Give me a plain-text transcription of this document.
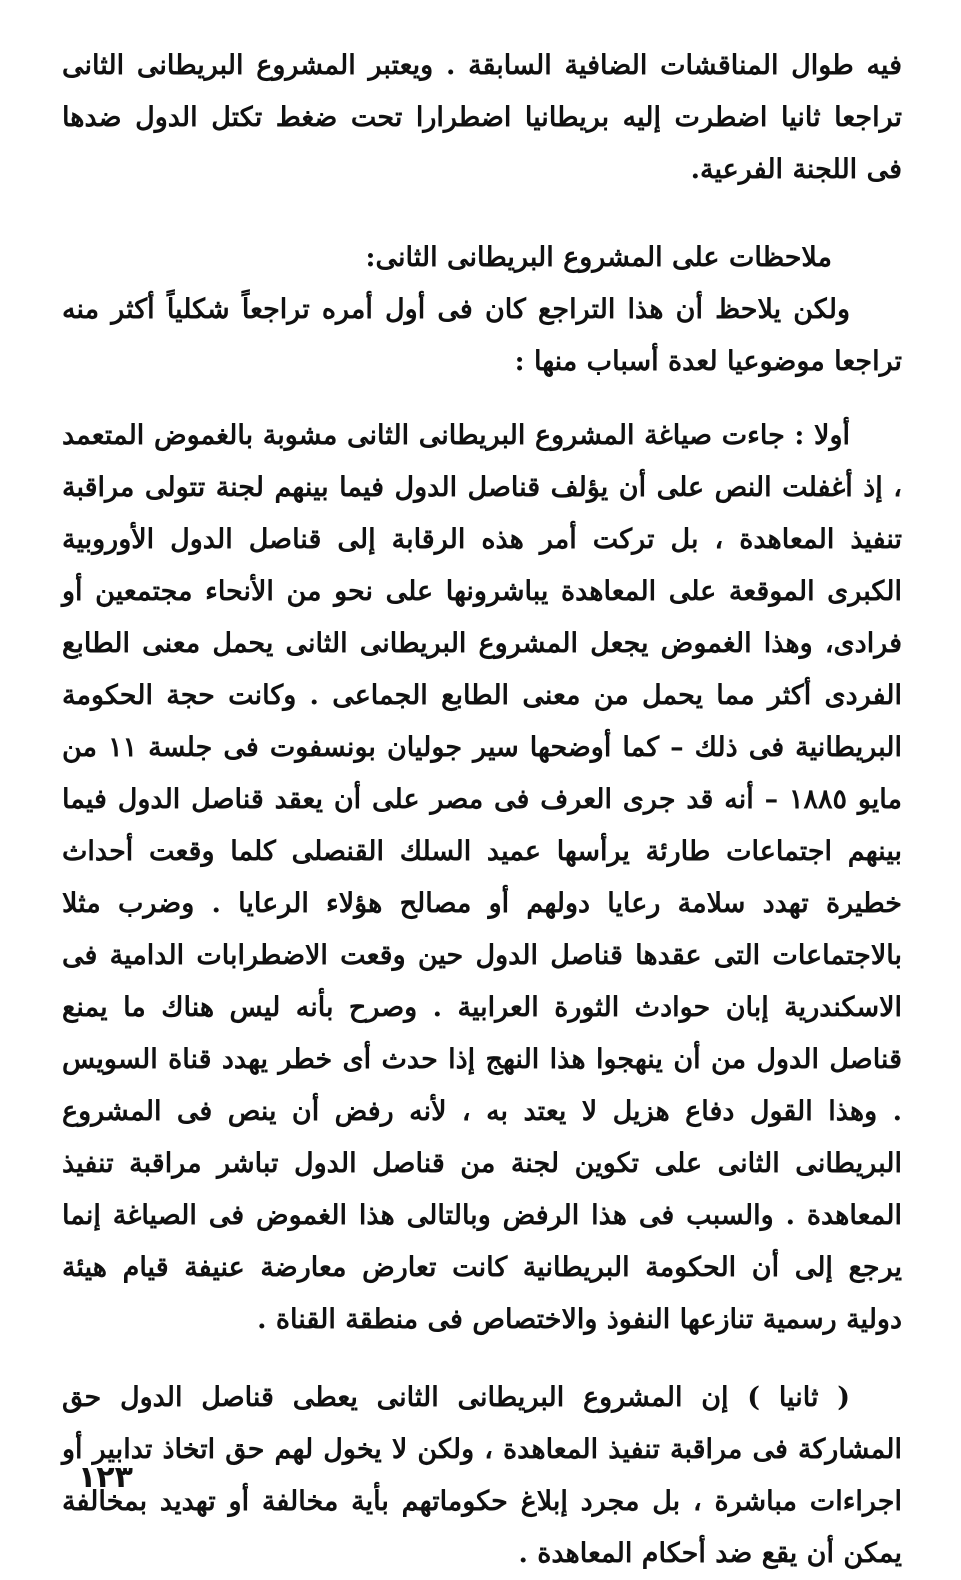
فيه طوال المناقشات الضافية السابقة . ويعتبر المشروع البريطانى الثانى تراجعا ثانيا اضطرت إليه بريطانيا اضطرارا تحت ضغط تكتل الدول ضدها فى اللجنة الفرعية.

ملاحظات على المشروع البريطانى الثانى:

ولكن يلاحظ أن هذا التراجع كان فى أول أمره تراجعاً شكلياً أكثر منه تراجعا موضوعيا لعدة أسباب منها :

أولا : جاءت صياغة المشروع البريطانى الثانى مشوبة بالغموض المتعمد ، إذ أغفلت النص على أن يؤلف قناصل الدول فيما بينهم لجنة تتولى مراقبة تنفيذ المعاهدة ، بل تركت أمر هذه الرقابة إلى قناصل الدول الأوروبية الكبرى الموقعة على المعاهدة يباشرونها على نحو من الأنحاء مجتمعين أو فرادى، وهذا الغموض يجعل المشروع البريطانى الثانى يحمل معنى الطابع الفردى أكثر مما يحمل من معنى الطابع الجماعى . وكانت حجة الحكومة البريطانية فى ذلك – كما أوضحها سير جوليان بونسفوت فى جلسة ١١ من مايو ١٨٨٥ – أنه قد جرى العرف فى مصر على أن يعقد قناصل الدول فيما بينهم اجتماعات طارئة يرأسها عميد السلك القنصلى كلما وقعت أحداث خطيرة تهدد سلامة رعايا دولهم أو مصالح هؤلاء الرعايا . وضرب مثلا بالاجتماعات التى عقدها قناصل الدول حين وقعت الاضطرابات الدامية فى الاسكندرية إبان حوادث الثورة العرابية . وصرح بأنه ليس هناك ما يمنع قناصل الدول من أن ينهجوا هذا النهج إذا حدث أى خطر يهدد قناة السويس . وهذا القول دفاع هزيل لا يعتد به ، لأنه رفض أن ينص فى المشروع البريطانى الثانى على تكوين لجنة من قناصل الدول تباشر مراقبة تنفيذ المعاهدة . والسبب فى هذا الرفض وبالتالى هذا الغموض فى الصياغة إنما يرجع إلى أن الحكومة البريطانية كانت تعارض معارضة عنيفة قيام هيئة دولية رسمية تنازعها النفوذ والاختصاص فى منطقة القناة .

( ثانيا ) إن المشروع البريطانى الثانى يعطى قناصل الدول حق المشاركة فى مراقبة تنفيذ المعاهدة ، ولكن لا يخول لهم حق اتخاذ تدابير أو اجراءات مباشرة ، بل مجرد إبلاغ حكوماتهم بأية مخالفة أو تهديد بمخالفة يمكن أن يقع ضد أحكام المعاهدة .

١٢٣
